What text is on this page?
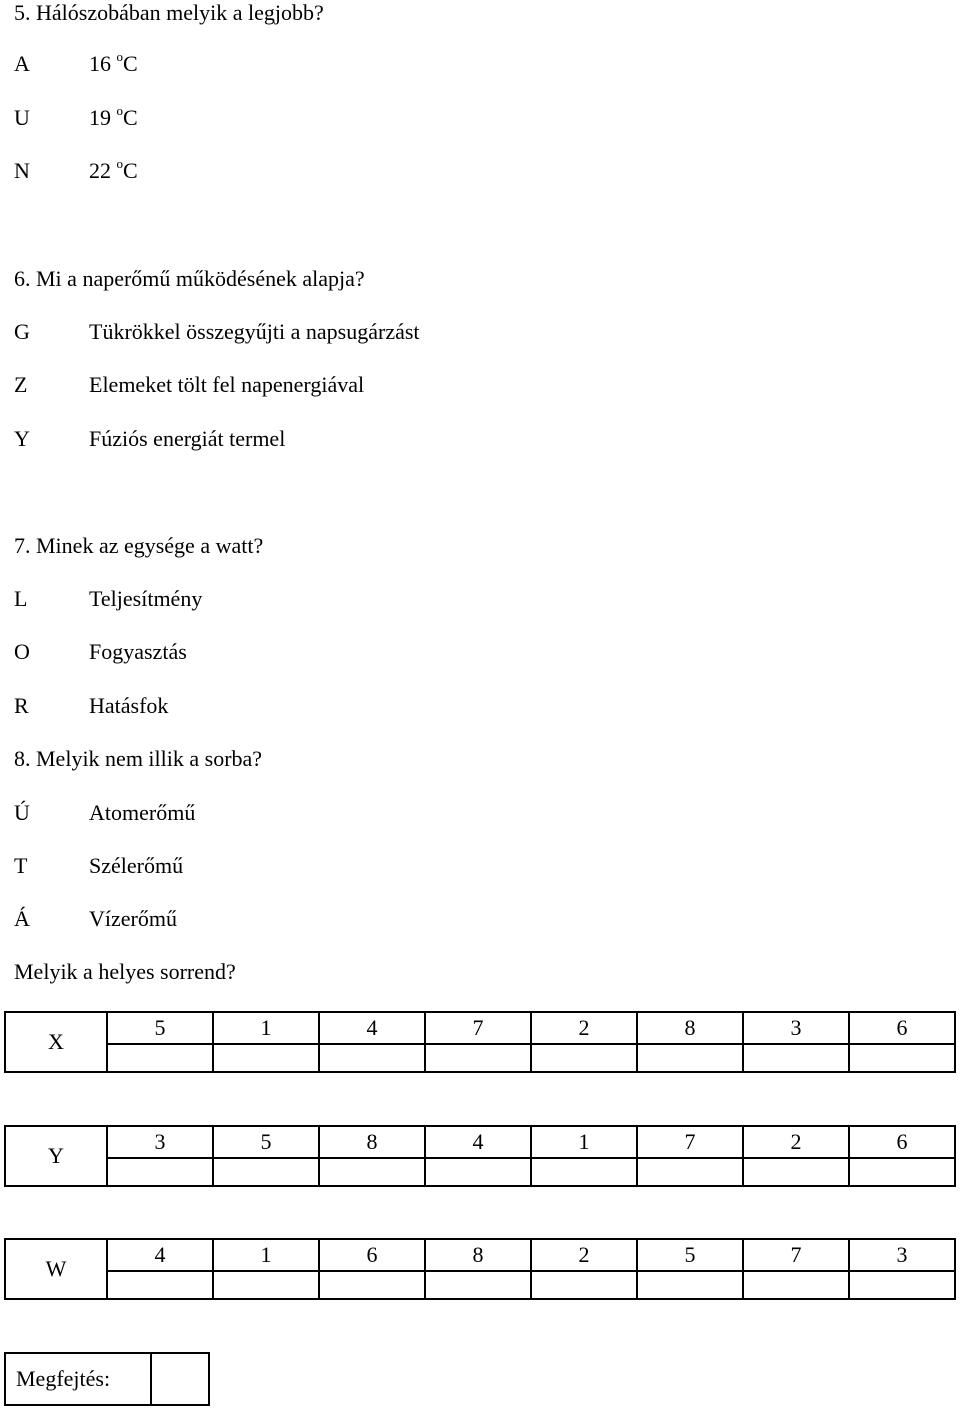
5. Hálószobában melyik a legjobb?
A	16 $^o$C
U	19 $^o$C
N	22 $^o$C
6. Mi a naperőmű működésének alapja?
G	Tükrökkel összegyűjti a napsugárzást
Z	Elemeket tölt fel napenergiával
Y	Fúziós energiát termel
7. Minek az egysége a watt?
L	Teljesítmény
O	Fogyasztás
R	Hatásfok
8. Melyik nem illik a sorba?
Ú	Atomerőmű
T	Szélerőmű
Á	Vízerőmű
Melyik a helyes sorrend?
X	5	1	4	7	2	8	3	6

Y	3	5	8	4	1	7	2	6

W	4	1	6	8	2	5	7	3

Megfejtés:	
